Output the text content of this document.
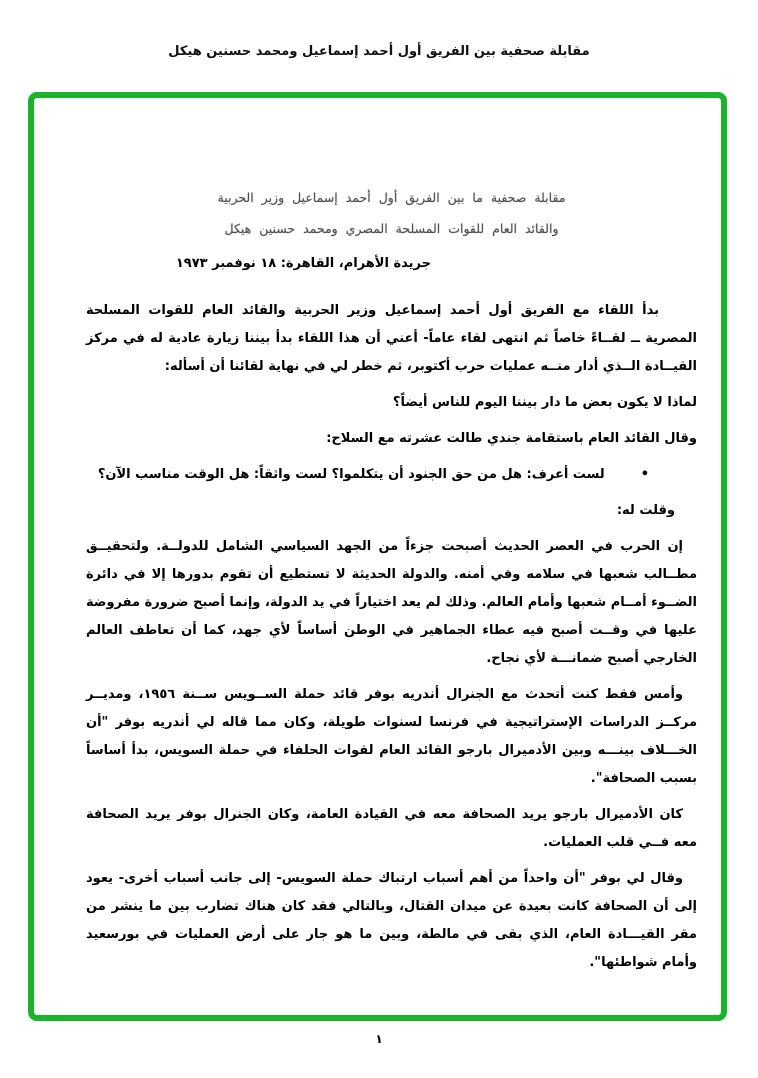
مقابلة صحفية بين الفريق أول أحمد إسماعيل ومحمد حسنين هيكل
مقابلة صحفية ما بين الفريق أول أحمد إسماعيل وزير الحربية
والقائد العام للقوات المسلحة المصري ومحمد حسنين هيكل
جريدة الأهرام، القاهرة: ١٨ نوفمبر ١٩٧٣

بدأ اللقاء مع الفريق أول أحمد إسماعيل وزير الحربية والقائد العام للقوات المسلحة المصرية ــ لقــاءً خاصاً ثم انتهى لقاء عاماً- أعني أن هذا اللقاء بدأ بيننا زيارة عادية له في مركز القيــادة الــذي أدار منــه عمليات حرب أكتوبر، ثم خطر لي في نهاية لقائنا أن أسأله:

لماذا لا يكون بعض ما دار بيننا اليوم للناس أيضاً؟

وقال القائد العام باستقامة جندي طالت عشرته مع السلاح:

•
لست أعرف: هل من حق الجنود أن يتكلموا؟ لست واثقاً: هل الوقت مناسب الآن؟

وقلت له:

إن الحرب في العصر الحديث أصبحت جزءاً من الجهد السياسي الشامل للدولــة. ولتحقيــق مطــالب شعبها في سلامه وفي أمنه. والدولة الحديثة لا تستطيع أن تقوم بدورها إلا في دائرة الضــوء أمــام شعبها وأمام العالم. وذلك لم يعد اختياراً في يد الدولة، وإنما أصبح ضرورة مفروضة عليها في وقــت أصبح فيه عطاء الجماهير في الوطن أساساً لأي جهد، كما أن تعاطف العالم الخارجي أصبح ضمانـــة لأي نجاح.

وأمس فقط كنت أتحدث مع الجنرال أندريه بوفر قائد حملة الســويس ســنة ١٩٥٦، ومديــر مركــز الدراسات الإستراتيجية في فرنسا لسنوات طويلة، وكان مما قاله لي أندريه بوفر "أن الخـــلاف بينـــه وبين الأدميرال بارجو القائد العام لقوات الحلفاء في حملة السويس، بدأ أساساً بسبب الصحافة".

كان الأدميرال بارجو يريد الصحافة معه في القيادة العامة، وكان الجنرال بوفر يريد الصحافة معه فــي قلب العمليات.

وقال لي بوفر "أن واحداً من أهم أسباب ارتباك حملة السويس- إلى جانب أسباب أخرى- يعود إلى أن الصحافة كانت بعيدة عن ميدان القتال، وبالتالي فقد كان هناك تضارب بين ما ينشر من مقر القيـــادة العام، الذي بقى في مالطة، وبين ما هو جار على أرض العمليات في بورسعيد وأمام شواطئها".

١
